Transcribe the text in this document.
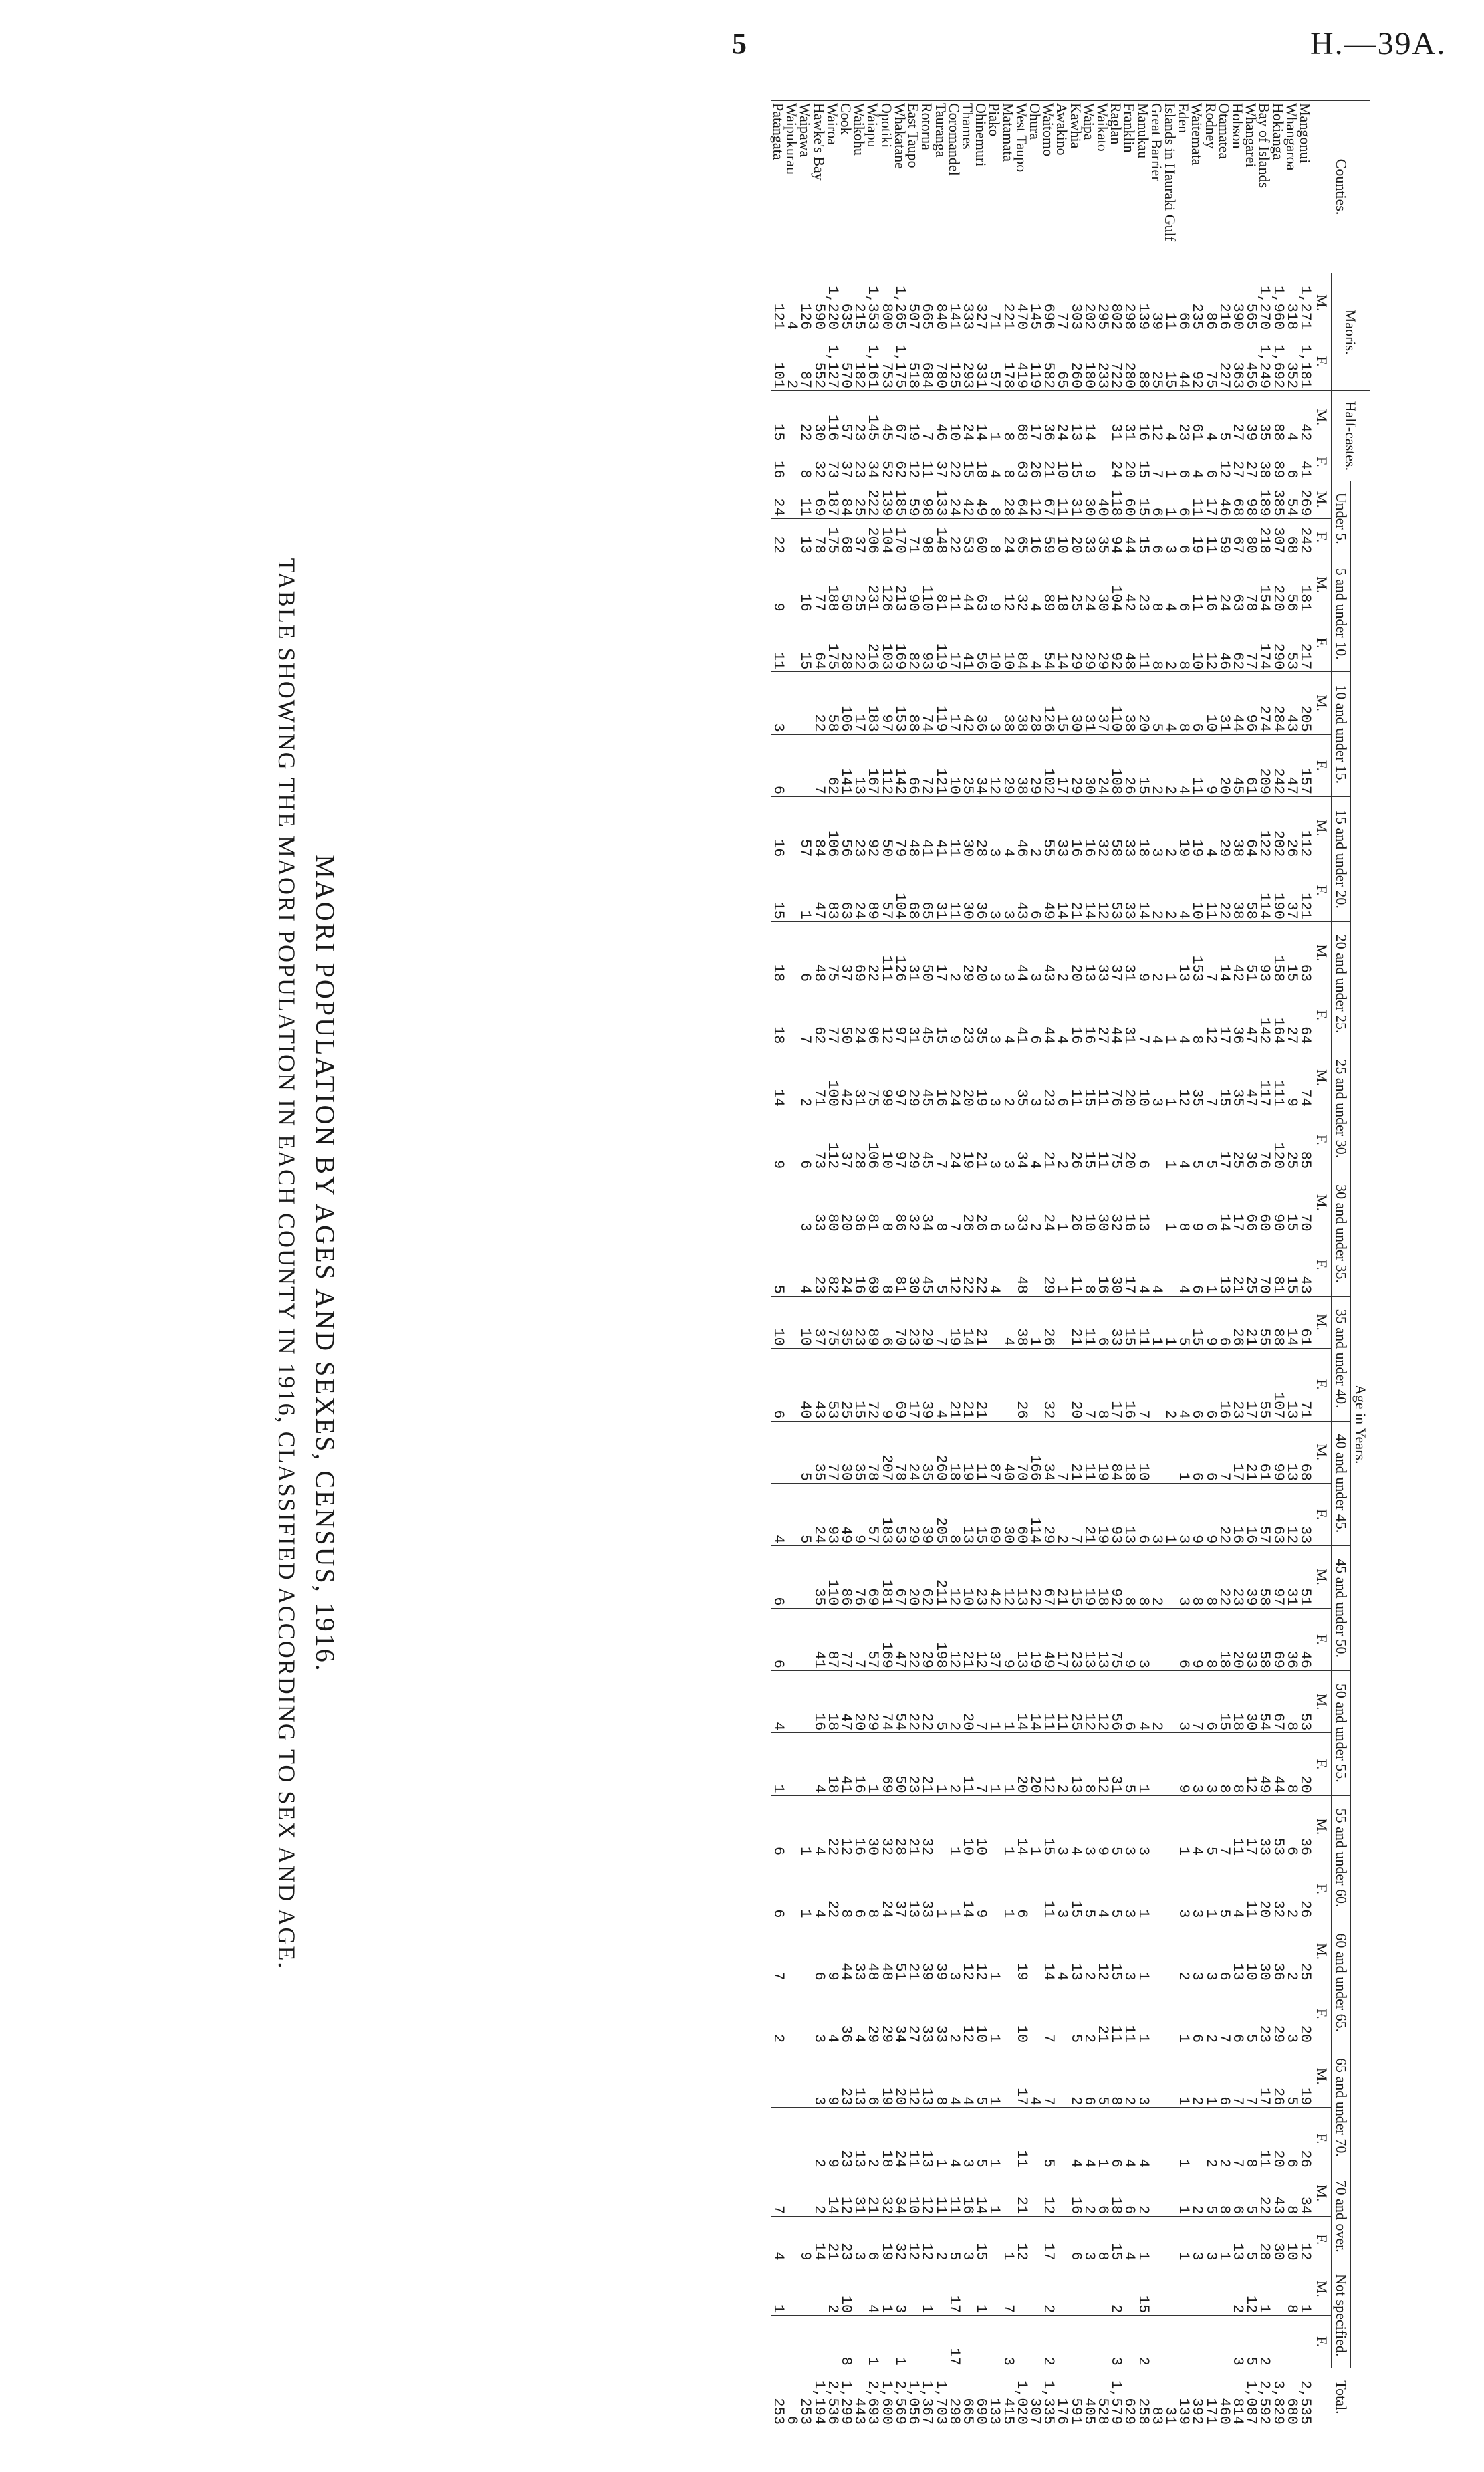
5	H.—39A.
Counties.	Maoris.		Half-castes.		Age in Years.																																Total.
					Under 5.		5 and under 10.		10 and under 15.		15 and under 20.		20 and under 25.		25 and under 30.		30 and under 35.		35 and under 40.		40 and under 45.		45 and under 50.		50 and under 55.		55 and under 60.		60 and under 65.		65 and under 70.		70 and over.		Not specified.		
	M.	F.	M.	F.	M.	F.	M.	F.	M.	F.	M.	F.	M.	F.	M.	F.	M.	F.	M.	F.	M.	F.	M.	F.	M.	F.	M.	F.	M.	F.	M.	F.	M.	F.	M.	F.	
Mangonui	1,271	1,181	42	41	269	242	181	217	205	157	112	121	63	64	74	85	70	43	61	71	68	33	51	46	53	20	36	26	25	20	19	26	34	12	1		2,535
Whangaroa	318	352	4	6	54	68	56	53	43	47	26	37	15	27	9	25	15	15	14	13	13	12	31	36	8	8	6	2	2	3	5	6	8	10	8		680
Hokianga	1,960	1,692	88	89	385	307	220	290	284	242	202	190	158	164	111	120	90	81	88	107	99	63	97	69	67	44	53	32	36	29	26	20	43	30			3,829
Bay of Islands	1,270	1,249	35	38	189	218	154	174	274	209	122	114	93	142	117	76	60	70	55	55	61	57	58	58	54	49	33	20	30	23	17	11	22	28	1	2	2,592
Whangarei	565	456	39	27	98	80	78	77	96	61	64	58	51	47	47	36	66	25	21	17	21	16	39	33	30	12	17	11	10	5	7	8	5	5	12	5	1,087
Hobson	390	363	27	27	68	67	63	62	44	45	38	38	42	36	35	25	17	21	26	23	17	16	23	20	18	8	11	4	13	6	7	7	6	13	2	3	814
Otamatea	216	227	5	12	46	59	24	46	31	20	29	22	14	17	15	17	14	13	6	16	7	22	22	18	15	8	7	5	6	7	6	2	8	1			460
Rodney	86	75	4	6	17	11	16	12	10	9	4	11	7	12	7	5	6	1	9	6	6	9	8	8	6	3	5	1	3	2	1	2	5	3			171
Waitemata	235	92	61	4	11	19	11	10	6	11	19	10	153	8	35	5	9	6	15	6	6	9	8	9	7	3	4	3	3	6	2		2	3			392
Eden	66	44	23	6	6	6	6	8	8	4	19	4	13	4	12	4	8	4	5	4	1	3	3	6	3	9	1	3	2	1	1	1	1	1			139
Islands in Hauraki Gulf	11	15	4	1	1	3	4	2	4	2	2	2	1	1	1	1	1		1	2		1															31
Great Barrier	39	25	12	7	6	6	8	8	5	2	3	2	2	4	3			4	1			3	2		2												83
Manukau	139	88	16	15	15	15	23	11	20	15	18	14	9	7	10	6	13	4	11	7	10	6	8	3	4	1	3	1	1	1	3	4	2	1	15	2	258
Franklin	298	280	31	20	60	44	42	48	38	26	33	33	31	31	20	20	16	17	15	16	18	13	8	9	6	5	3	3	3	11	2	4	6	4			629
Raglan	802	722	31	24	118	94	104	92	110	108	58	53	37	44	76	75	32	30	33	17	84	93	92	75	56	31	5	5	15	11	8	6	18	15	2	3	1,579
Waikato	295	233			40	35	30	29	37	24	32	12	33	27	11	11	30	16	6	8	19	19	18	13	12	12	9	4	12	21	5	1	6	8			528
Waipa	202	180	14	9	30	33	24	29	31	30	16	14	13	16	15	15	10	8	11	7	11	21	19	13	12	8	3	5	2	2	6	4	2	3			405
Kawhia	303	260	13	15	31	20	25	29	30	29	16	21	20	16	11	26	26	11	21	20	21	7	15	23	25	13	4	15	13	5	2	4	16	6			591
Awakino	77	65	24	10	11	10	18	14	15	17	33	14	2	4	6	2	1	1			7	2	21	17	11	2	3	3	4								176
Waitomo	696	582	36	21	67	59	89	54	126	102	55	49	43	44	23	21	24	29	26	32	34	29	67	49	11	12	15	11	14	7	7	5	12	17	2	2	1,335
Ohura	145	119	17	26	12	16	4	4	28	29	2	6	3	6	3	4	2		1		166	114	22	19	14	20	1				4						307
West Taupo	470	419	68	63	64	65	32	84	38	38	46	43	44	41	35	34	33	48	38	26	70	60	13	13	14	20	14	6	19	10	17	11	21	12			1,020
Matamata	221	178	8	8	28	24	12	10	38	29	4	3	3	4	2	3	3		4		40	30	12	9	1	1	1	1						1	7	3	415
Piako	71	57	1	4	8	8	9	10	3	12	3	3	3	3	3	3	6	4			87	69	42	37	1	1			1	1	1	1	1				133
Ohinemuri	327	331	14	18	49	60	63	56	36	34	28	36	20	35	19	21	26	22	21	21	11	15	23	12	7	7	10	9	12	10	5	5	14	15	1		690
Thames	333	293	24	15	42	53	44	41	42	25	30	30	29	23	20	19	26	22	14	21	19	13	10	21	20	11	10	14	12	12	4	3	16	3			665
Coromandel	141	125	10	22	24	22	11	17	17	10	11	11	2	9	24	24	7	12	19	21	18	8	12	12	2	2	1	1	3	2	4	4	11	5	17	17	298
Tauranga	840	780	46	37	133	148	81	119	119	121	41	31	17	15	16	7	8	5	7	4	260	205	211	198	5	1		1	39	33	8	1	11	2			1,703
Rotorua	665	684	7	11	98	98	110	93	74	72	41	65	50	45	45	45	34	45	29	39	35	39	62	29	22	21	32	33	39	33	13	13	12	12	1		1,367
East Taupo	507	518	19	12	59	71	90	82	88	66	48	68	31	31	29	29	32	30	23	17	24	29	20	22	22	23	21	13	21	27	12	11	10	12			1,056
Whakatane	1,265	1,175	67	62	185	170	213	169	153	142	79	104	126	97	97	97	86	81	70	69	78	53	67	47	54	50	28	37	51	34	20	24	34	32	3	1	2,569
Opotiki	800	753	45	52	139	104	126	103	97	112	50	57	111	12	99	10	8	8	6	9	207	183	181	169	74	69	32	24	48	29	19	18	32	19	1		1,600
Waiapu	1,353	1,161	145	34	222	206	231	216	183	167	92	89	22	96	75	106	81	69	89	72	78	57	69	57	29	1	30	8	48	29	6	2	21	6	4	1	2,693
Waikohu	215	182	23	23	25	37	25	22	17	13	23	24	69	24	31	28	36	16	23	15	35	9	76	7	20	16	16	6	33	4	13	13	31	3			443
Cook	635	570	57	37	84	68	50	28	106	141	56	63	37	50	42	37	20	24	35	25	30	49	86	77	47	41	12	8	44	36	23	23	12	23	10	8	1,299
Wairoa	1,220	1,127	116	73	187	175	188	175	58	62	106	83	75	77	100	112	80	82	75	53	77	93	110	87	18	18	22	22	9	4	9	9	14	21	2		2,536
Hawke's Bay	590	552	30	32	69	78	77	64	22	7	84	47	48	62	71	73	33	23	37	43	35	24	35	41	16	4	4	4	6	3	3	2	2	14			1,194
Waipawa	126	87	22	8	11	13	16	15			57	1	6	7	2	6	3	4	10	40	5	5					1	1						9			253
Waipukurau	4	2																																			6
Patangata	121	101	15	16	24	22	9	11	3	6	16	15	18	18	14	9		5	10	6		4	6	6	4	1	6	6	7	2			7	4	1		253
MAORI POPULATION BY AGES AND SEXES, CENSUS, 1916.
TABLE SHOWING THE MAORI POPULATION IN EACH COUNTY IN 1916, CLASSIFIED ACCORDING TO SEX AND AGE.
